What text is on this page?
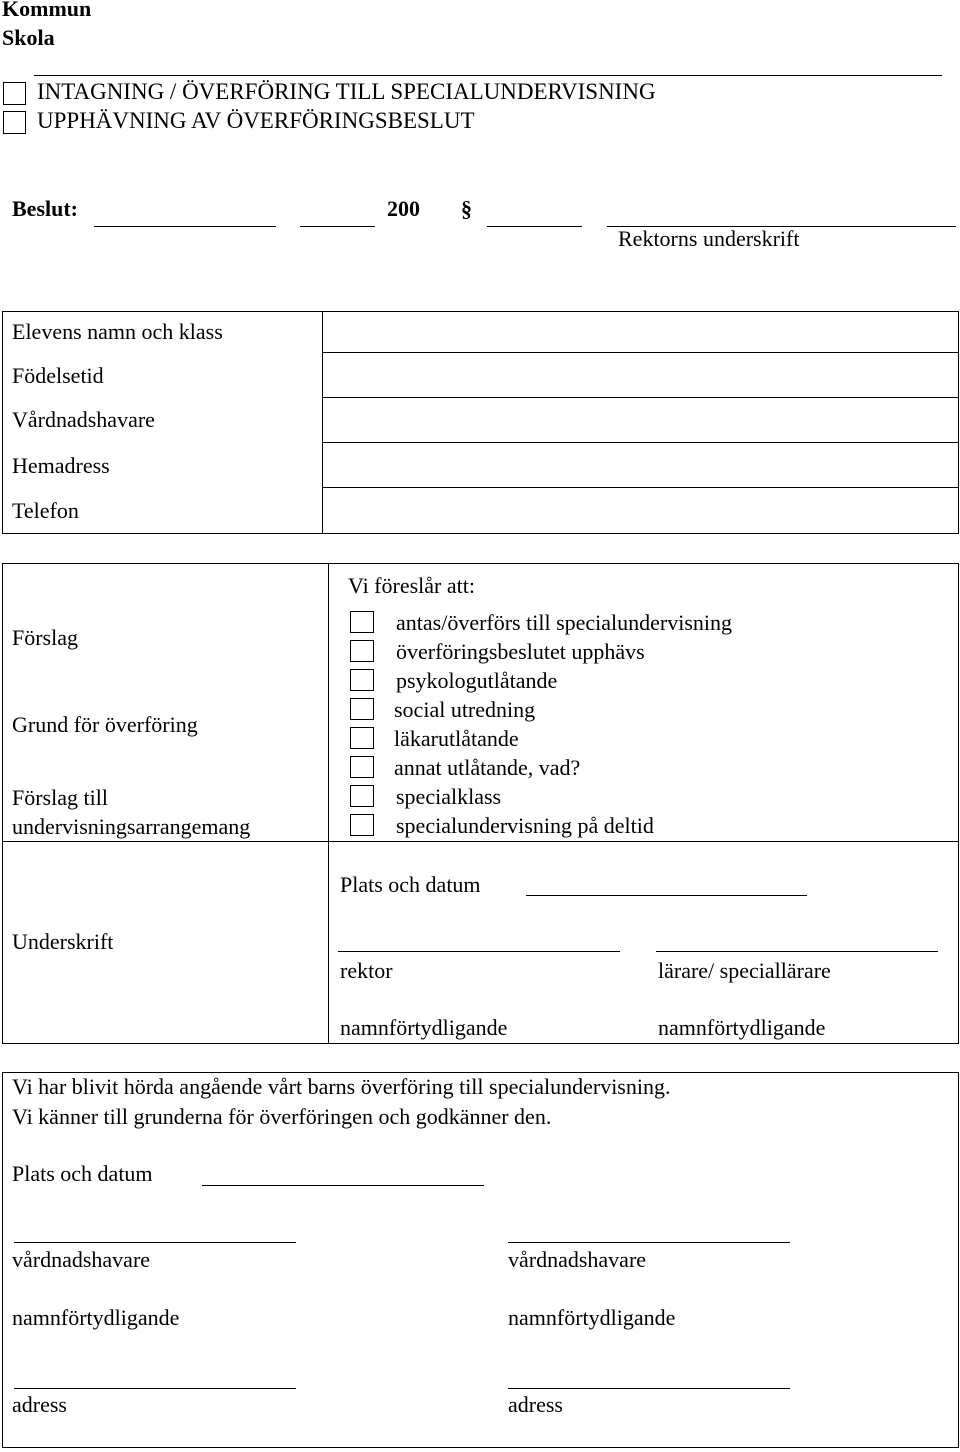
Kommun
Skola
INTAGNING / ÖVERFÖRING TILL SPECIALUNDERVISNING
UPPHÄVNING AV ÖVERFÖRINGSBESLUT
Beslut:	200 §
Rektorns underskrift
Elevens namn och klass
Födelsetid
Vårdnadshavare
Hemadress
Telefon
Förslag
Grund för överföring
Förslag till
undervisningsarrangemang
Vi föreslår att:
antas/överförs till specialundervisning
överföringsbeslutet upphävs
psykologutlåtande
social utredning
läkarutlåtande
annat utlåtande, vad?
specialklass
specialundervisning på deltid
Underskrift
Plats och datum
rektor	lärare/ speciallärare
namnförtydligande	namnförtydligande
Vi har blivit hörda angående vårt barns överföring till specialundervisning.
Vi känner till grunderna för överföringen och godkänner den.
Plats och datum
vårdnadshavare	vårdnadshavare
namnförtydligande	namnförtydligande
adress	adress
